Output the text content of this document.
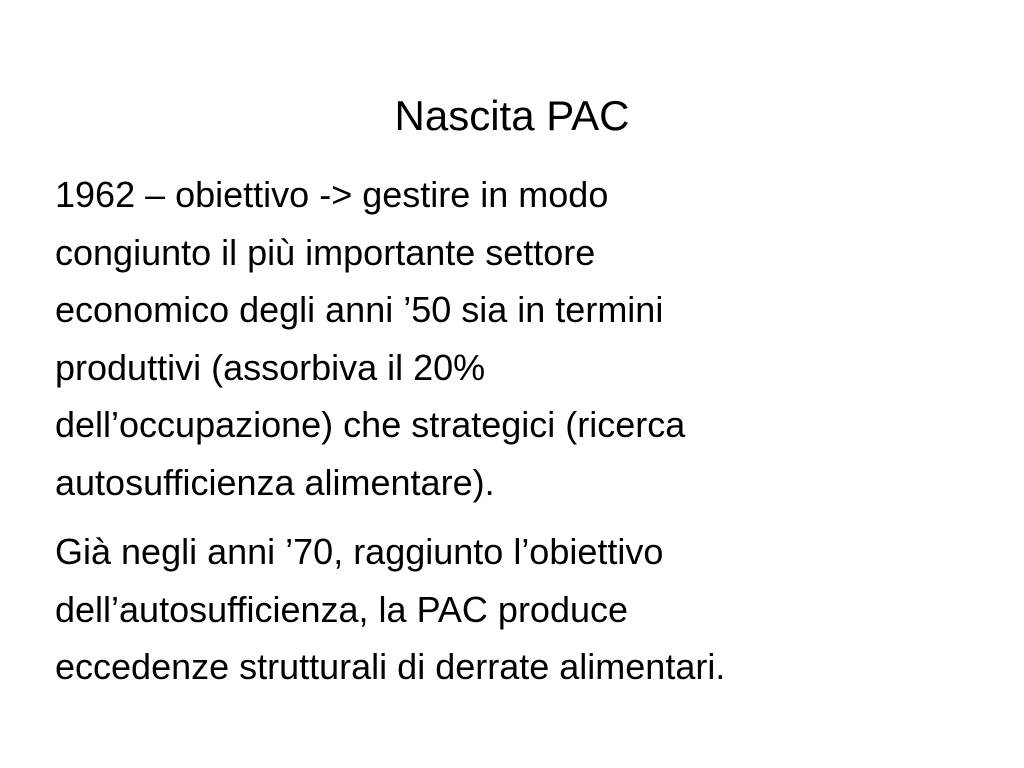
Nascita PAC

1962 – obiettivo -> gestire in modo
congiunto il più importante settore
economico degli anni ’50 sia in termini
produttivi (assorbiva il 20%
dell’occupazione) che strategici (ricerca
autosufficienza alimentare).

Già negli anni ’70, raggiunto l’obiettivo
dell’autosufficienza, la PAC produce
eccedenze strutturali di derrate alimentari.
